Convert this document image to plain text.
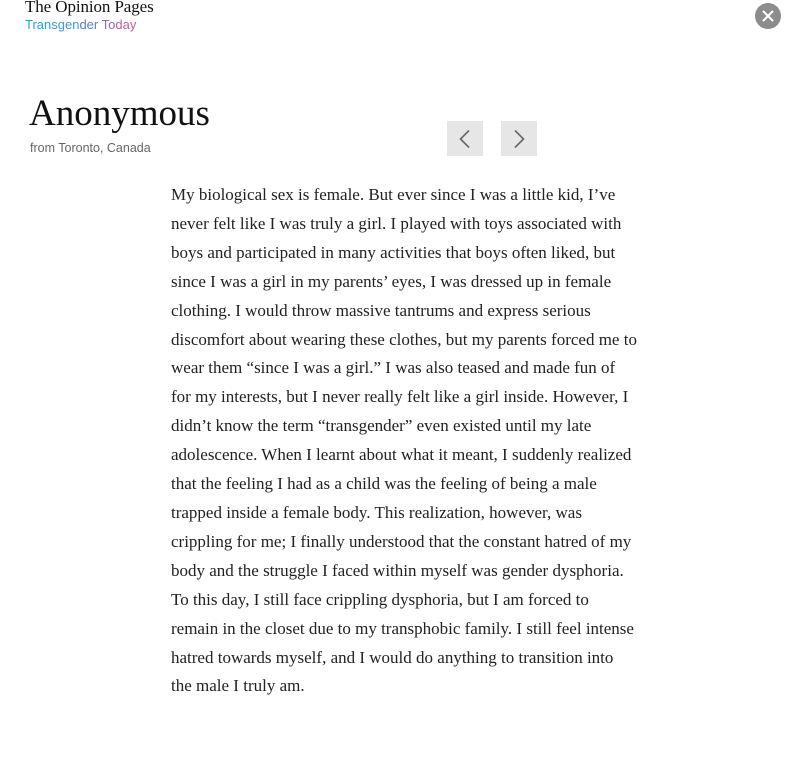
The Opinion Pages
Transgender Today
Anonymous
from Toronto, Canada

My biological sex is female. But ever since I was a little kid, I’ve never felt like I was truly a girl. I played with toys associated with boys and participated in many activities that boys often liked, but since I was a girl in my parents’ eyes, I was dressed up in female clothing. I would throw massive tantrums and express serious discomfort about wearing these clothes, but my parents forced me to wear them “since I was a girl.” I was also teased and made fun of for my interests, but I never really felt like a girl inside. However, I didn’t know the term “transgender” even existed until my late adolescence. When I learnt about what it meant, I suddenly realized that the feeling I had as a child was the feeling of being a male trapped inside a female body. This realization, however, was crippling for me; I finally understood that the constant hatred of my body and the struggle I faced within myself was gender dysphoria. To this day, I still face crippling dysphoria, but I am forced to remain in the closet due to my transphobic family. I still feel intense hatred towards myself, and I would do anything to transition into the male I truly am.
